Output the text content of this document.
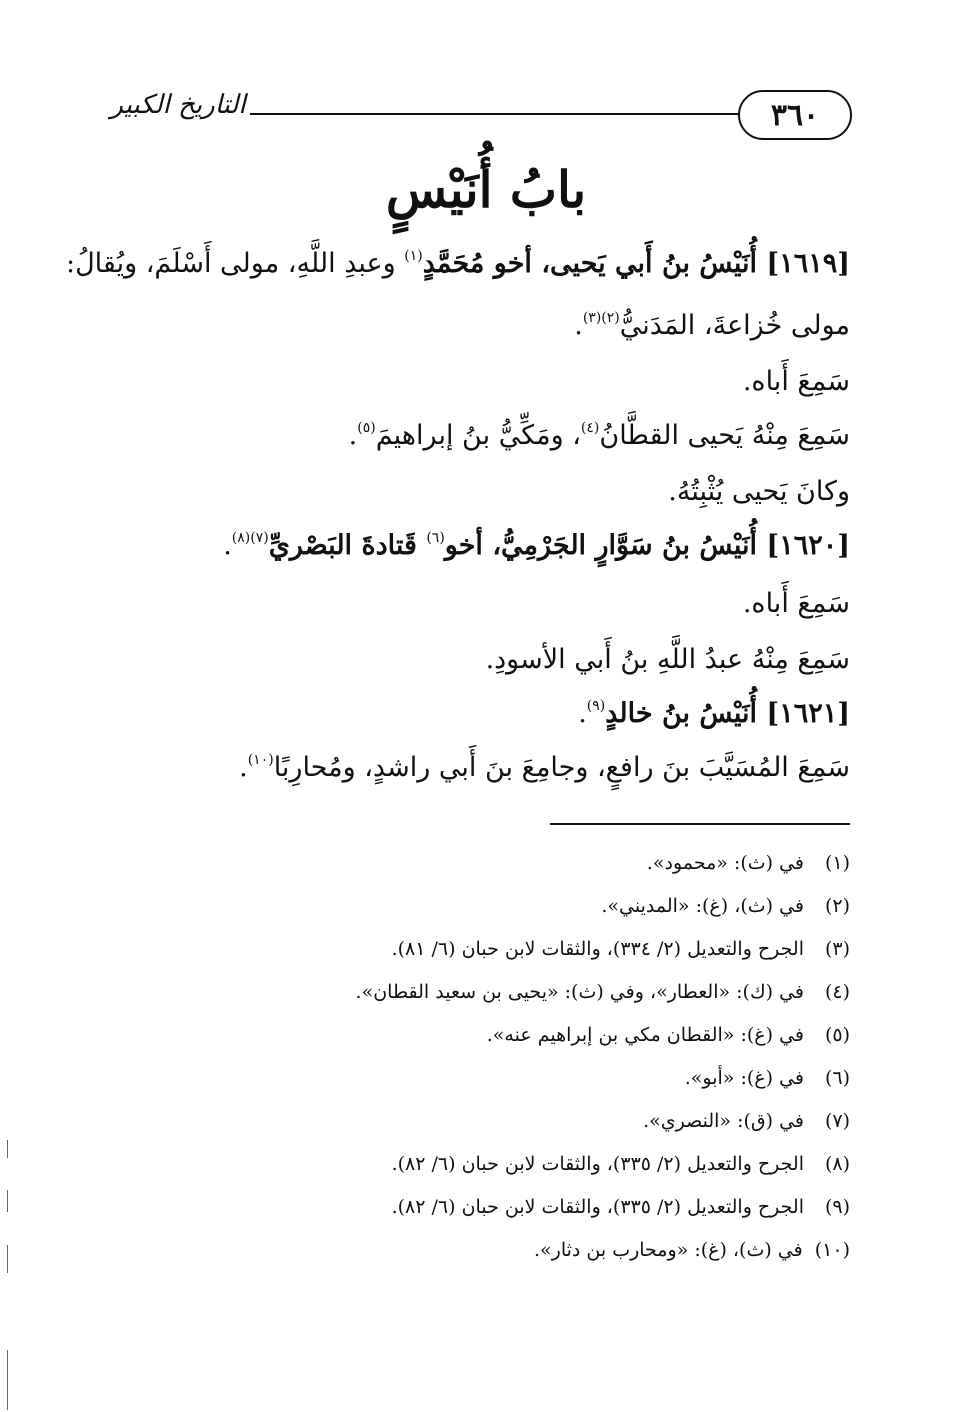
٣٦٠
التاريخ الكبير
بابُ أُنَيْسٍ
[١٦١٩] أُنَيْسُ بنُ أَبي يَحيى، أخو مُحَمَّدٍ$^{(١)}$ وعبدِ اللَّهِ، مولى أَسْلَمَ، ويُقالُ:
مولى خُزاعةَ، المَدَنيُّ$^{(٢)(٣)}$.
سَمِعَ أَباه.
سَمِعَ مِنْهُ يَحيى القطَّانُ$^{(٤)}$، ومَكِّيُّ بنُ إبراهيمَ$^{(٥)}$.
وكانَ يَحيى يُثْبِتُهُ.
[١٦٢٠] أُنَيْسُ بنُ سَوَّارٍ الجَرْمِيُّ، أخو$^{(٦)}$ قَتادةَ البَصْريِّ$^{(٧)(٨)}$.
سَمِعَ أَباه.
سَمِعَ مِنْهُ عبدُ اللَّهِ بنُ أَبي الأسودِ.
[١٦٢١] أُنَيْسُ بنُ خالدٍ$^{(٩)}$.
سَمِعَ المُسَيَّبَ بنَ رافعٍ، وجامِعَ بنَ أَبي راشدٍ، ومُحارِبًا$^{(١٠)}$.
(١)
في (ث): «محمود».
(٢)
في (ث)، (غ): «المديني».
(٣)
الجرح والتعديل (٢/ ٣٣٤)، والثقات لابن حبان (٦/ ٨١).
(٤)
في (ك): «العطار»، وفي (ث): «يحيى بن سعيد القطان».
(٥)
في (غ): «القطان مكي بن إبراهيم عنه».
(٦)
في (غ): «أبو».
(٧)
في (ق): «النصري».
(٨)
الجرح والتعديل (٢/ ٣٣٥)، والثقات لابن حبان (٦/ ٨٢).
(٩)
الجرح والتعديل (٢/ ٣٣٥)، والثقات لابن حبان (٦/ ٨٢).
(١٠)
في (ث)، (غ): «ومحارب بن دثار».
